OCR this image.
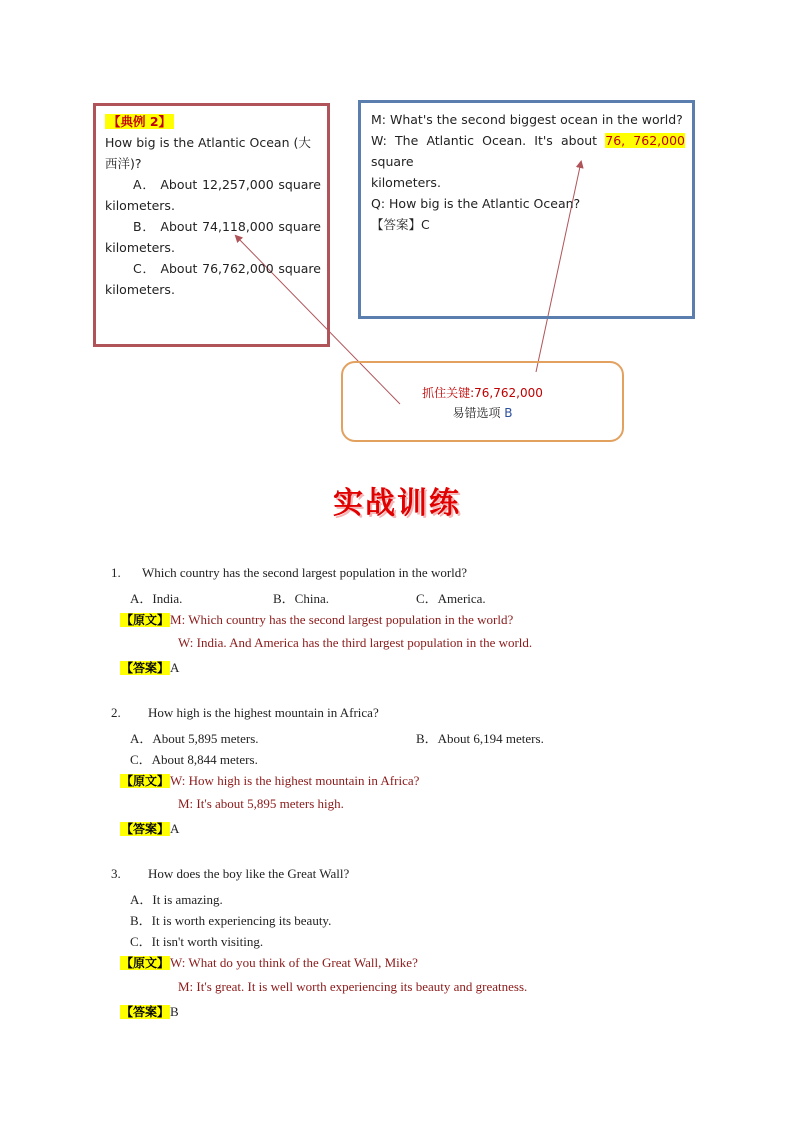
【典例 2】
How big is the Atlantic Ocean (大西洋)?
A． About 12,257,000 square
kilometers.
B． About 74,118,000 square
kilometers.
C． About 76,762,000 square
kilometers.
M: What's the second biggest ocean in the world?
W: The Atlantic Ocean. It's about 76, 762,000 square
kilometers.
Q: How big is the Atlantic Ocean?
【答案】C
抓住关键:76,762,000
易错选项 B
实战训练
1. Which country has the second largest population in the world?
A．India.	B．China.	C．America.
【原文】M: Which country has the second largest population in the world?
W: India. And America has the third largest population in the world.
【答案】A
2. How high is the highest mountain in Africa?
A．About 5,895 meters.	B．About 6,194 meters.
C．About 8,844 meters.
【原文】W: How high is the highest mountain in Africa?
M: It's about 5,895 meters high.
【答案】A
3. How does the boy like the Great Wall?
A．It is amazing.
B．It is worth experiencing its beauty.
C．It isn't worth visiting.
【原文】W: What do you think of the Great Wall, Mike?
M: It's great. It is well worth experiencing its beauty and greatness.
【答案】B
